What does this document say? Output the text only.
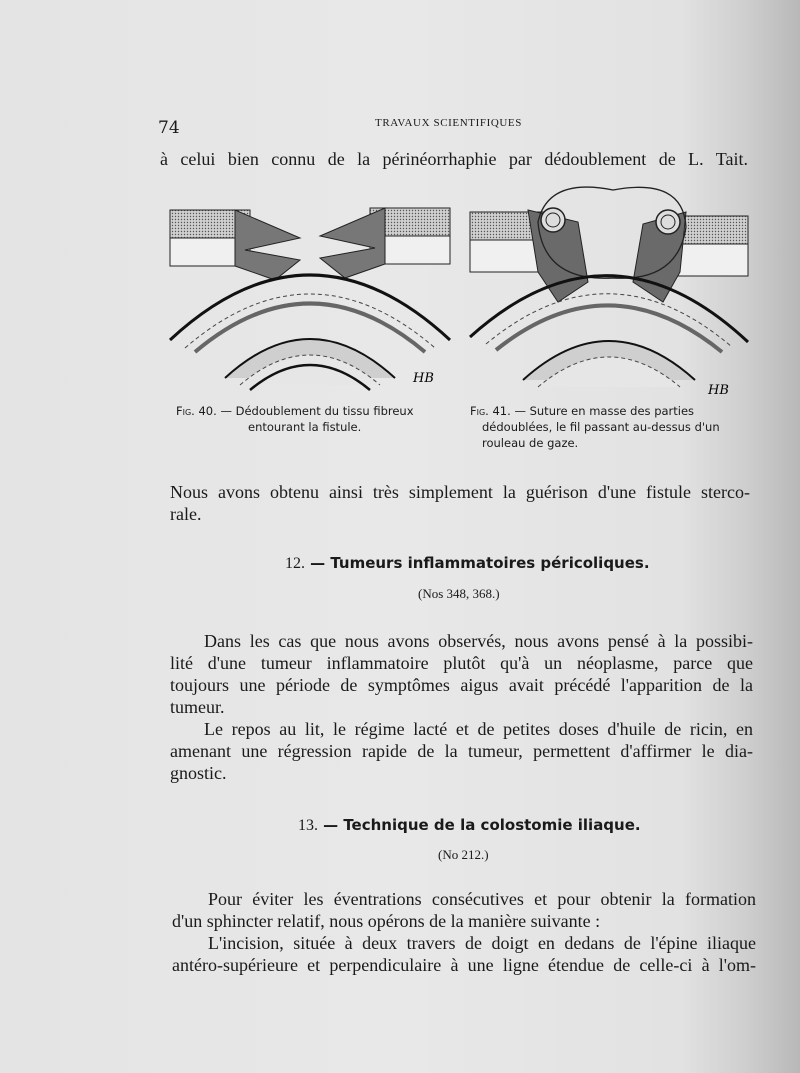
74	TRAVAUX SCIENTIFIQUES
à celui bien connu de la périnéorrhaphie par dédoublement de L. Tait.
HB
HB
Fig. 40. — Dédoublement du tissu fibreux
entourant la fistule.
Fig. 41. — Suture en masse des parties
dédoublées, le fil passant au-dessus d'un
rouleau de gaze.
Nous avons obtenu ainsi très simplement la guérison d'une fistule sterco-
rale.
12. — Tumeurs inflammatoires péricoliques.
(Nos 348, 368.)
Dans les cas que nous avons observés, nous avons pensé à la possibi-
lité d'une tumeur inflammatoire plutôt qu'à un néoplasme, parce que
toujours une période de symptômes aigus avait précédé l'apparition de la
tumeur.
Le repos au lit, le régime lacté et de petites doses d'huile de ricin, en
amenant une régression rapide de la tumeur, permettent d'affirmer le dia-
gnostic.
13. — Technique de la colostomie iliaque.
(No 212.)
Pour éviter les éventrations consécutives et pour obtenir la formation
d'un sphincter relatif, nous opérons de la manière suivante :
L'incision, située à deux travers de doigt en dedans de l'épine iliaque
antéro-supérieure et perpendiculaire à une ligne étendue de celle-ci à l'om-
